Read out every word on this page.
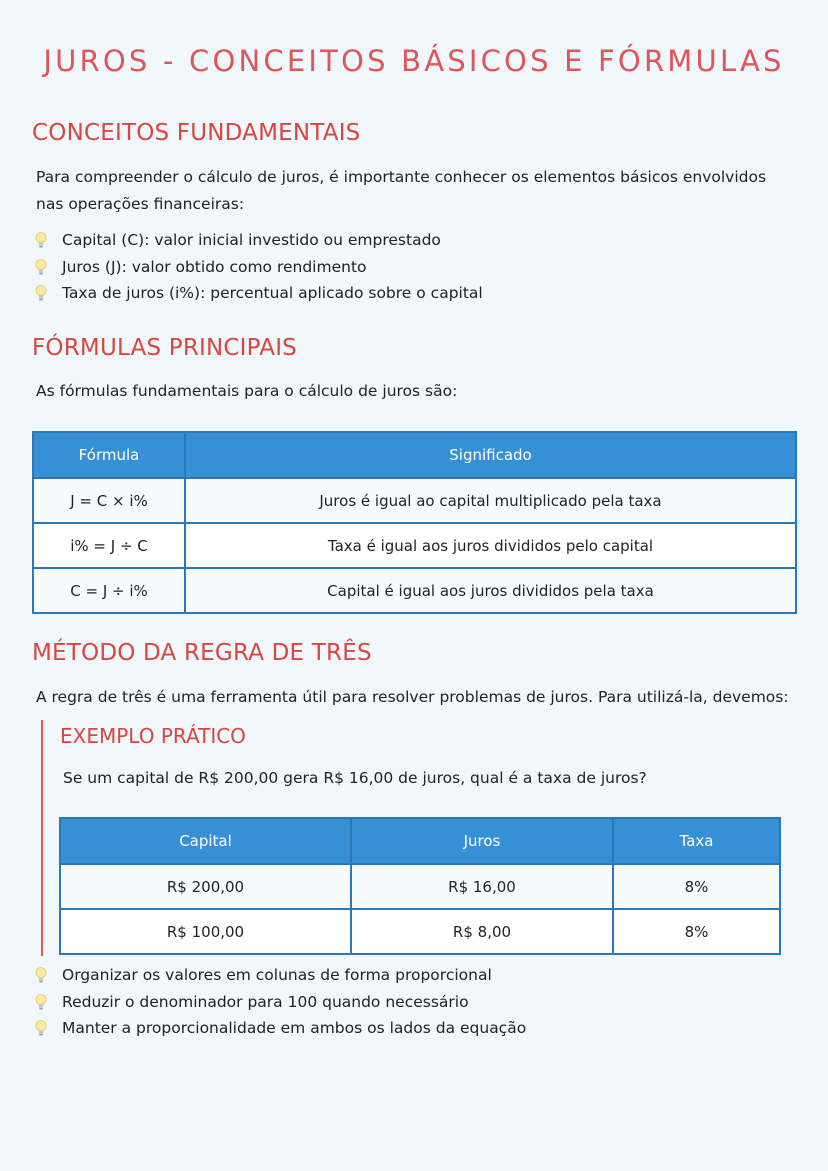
JUROS - CONCEITOS BÁSICOS E FÓRMULAS
CONCEITOS FUNDAMENTAIS

Para compreender o cálculo de juros, é importante conhecer os elementos básicos envolvidos nas operações financeiras:

Capital (C): valor inicial investido ou emprestado
Juros (J): valor obtido como rendimento
Taxa de juros (i%): percentual aplicado sobre o capital
FÓRMULAS PRINCIPAIS

As fórmulas fundamentais para o cálculo de juros são:

Fórmula	Significado
J = C × i%	Juros é igual ao capital multiplicado pela taxa
i% = J ÷ C	Taxa é igual aos juros divididos pelo capital
C = J ÷ i%	Capital é igual aos juros divididos pela taxa
MÉTODO DA REGRA DE TRÊS

A regra de três é uma ferramenta útil para resolver problemas de juros. Para utilizá-la, devemos:

EXEMPLO PRÁTICO

Se um capital de R$ 200,00 gera R$ 16,00 de juros, qual é a taxa de juros?

Capital	Juros	Taxa
R$ 200,00	R$ 16,00	8%
R$ 100,00	R$ 8,00	8%
Organizar os valores em colunas de forma proporcional
Reduzir o denominador para 100 quando necessário
Manter a proporcionalidade em ambos os lados da equação
